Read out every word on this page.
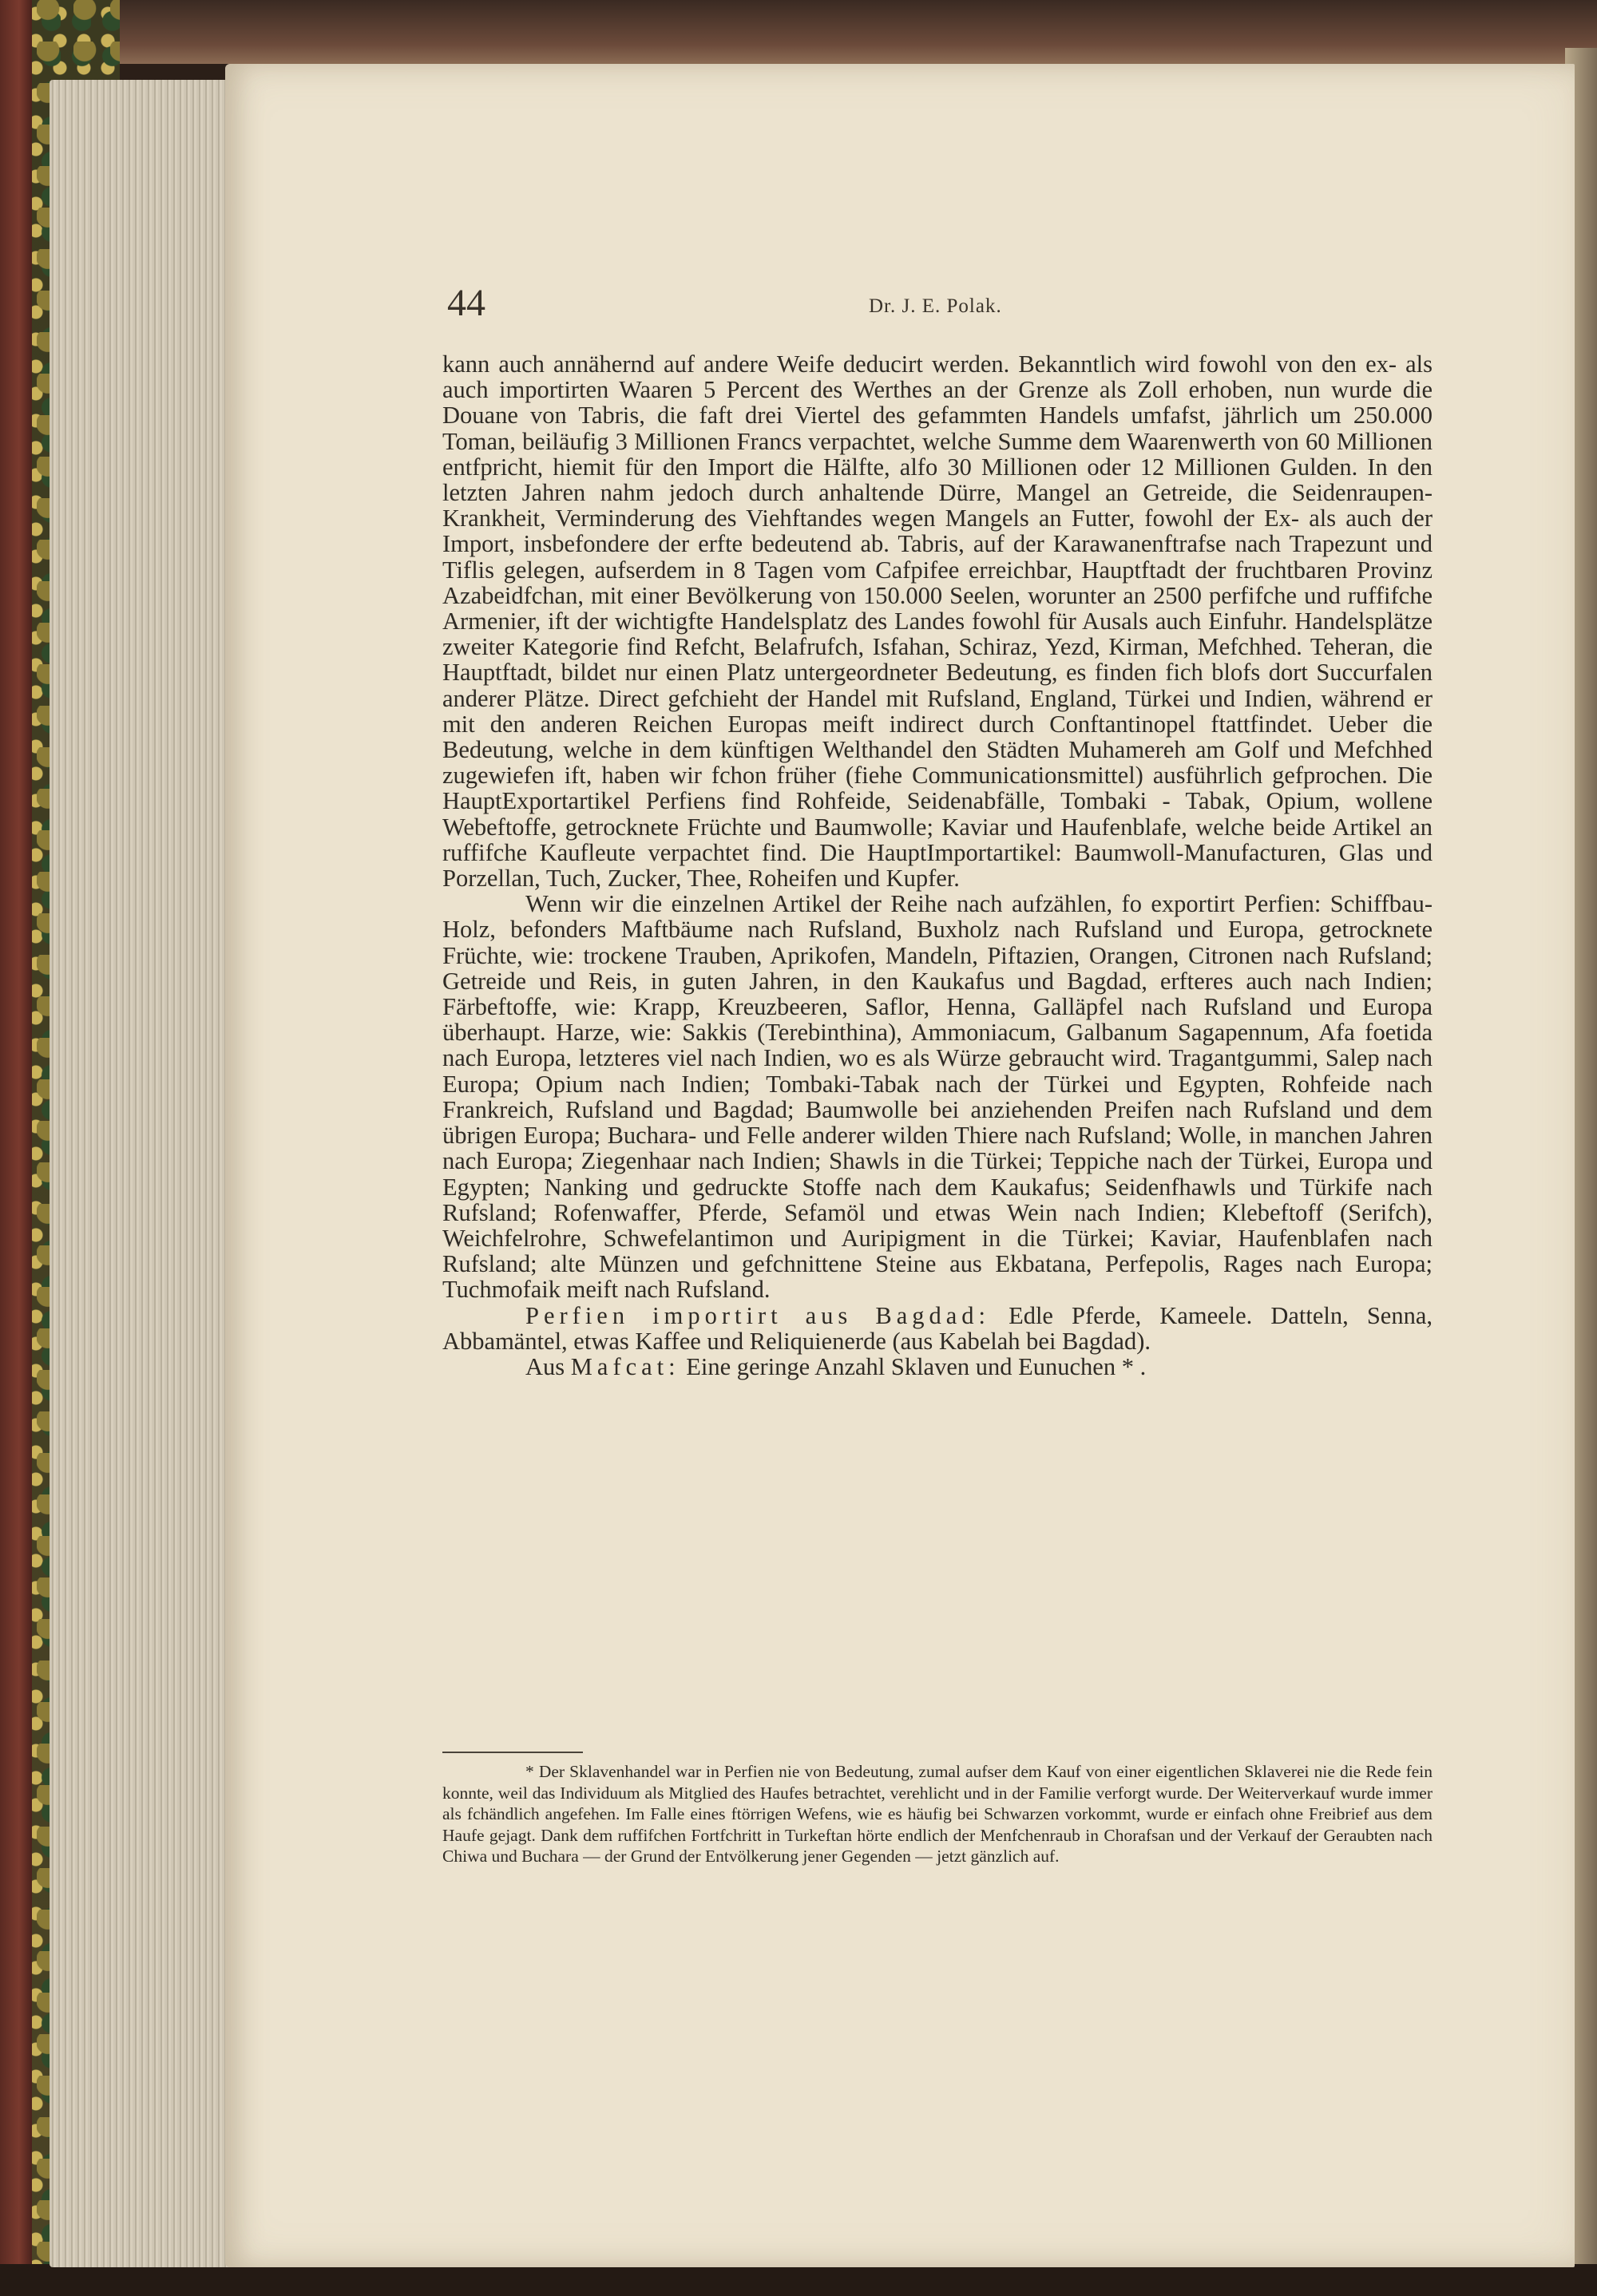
44	Dr. J. E. Polak.

kann auch annähernd auf andere Weife deducirt werden. Bekanntlich wird fowohl von den ex- als auch importirten Waaren 5 Percent des Werthes an der Grenze als Zoll erhoben, nun wurde die Douane von Tabris, die faft drei Viertel des gefammten Handels umfafst, jährlich um 250.000 Toman, beiläufig 3 Millionen Francs verpachtet, welche Summe dem Waarenwerth von 60 Millionen entfpricht, hiemit für den Import die Hälfte, alfo 30 Millionen oder 12 Millionen Gulden. In den letzten Jahren nahm jedoch durch anhaltende Dürre, Mangel an Getreide, die Seidenraupen-Krankheit, Verminderung des Viehftandes wegen Mangels an Futter, fowohl der Ex- als auch der Import, insbefondere der erfte bedeutend ab. Tabris, auf der Karawanenftrafse nach Trapezunt und Tiflis gelegen, aufserdem in 8 Tagen vom Cafpifee erreichbar, Hauptftadt der fruchtbaren Provinz Azabeidfchan, mit einer Bevölkerung von 150.000 Seelen, worunter an 2500 perfifche und ruffifche Armenier, ift der wichtigfte Handelsplatz des Landes fowohl für Ausals auch Einfuhr. Handelsplätze zweiter Kategorie find Refcht, Belafrufch, Isfahan, Schiraz, Yezd, Kirman, Mefchhed. Teheran, die Hauptftadt, bildet nur einen Platz untergeordneter Bedeutung, es finden fich blofs dort Succurfalen anderer Plätze. Direct gefchieht der Handel mit Rufsland, England, Türkei und Indien, während er mit den anderen Reichen Europas meift indirect durch Conftantinopel ftattfindet. Ueber die Bedeutung, welche in dem künftigen Welthandel den Städten Muhamereh am Golf und Mefchhed zugewiefen ift, haben wir fchon früher (fiehe Communicationsmittel) ausführlich gefprochen. Die HauptExportartikel Perfiens find Rohfeide, Seidenabfälle, Tombaki - Tabak, Opium, wollene Webeftoffe, getrocknete Früchte und Baumwolle; Kaviar und Haufenblafe, welche beide Artikel an ruffifche Kaufleute verpachtet find. Die HauptImportartikel: Baumwoll-Manufacturen, Glas und Porzellan, Tuch, Zucker, Thee, Roheifen und Kupfer.

Wenn wir die einzelnen Artikel der Reihe nach aufzählen, fo exportirt Perfien: Schiffbau-Holz, befonders Maftbäume nach Rufsland, Buxholz nach Rufsland und Europa, getrocknete Früchte, wie: trockene Trauben, Aprikofen, Mandeln, Piftazien, Orangen, Citronen nach Rufsland; Getreide und Reis, in guten Jahren, in den Kaukafus und Bagdad, erfteres auch nach Indien; Färbeftoffe, wie: Krapp, Kreuzbeeren, Saflor, Henna, Galläpfel nach Rufsland und Europa überhaupt. Harze, wie: Sakkis (Terebinthina), Ammoniacum, Galbanum Sagapennum, Afa foetida nach Europa, letzteres viel nach Indien, wo es als Würze gebraucht wird. Tragantgummi, Salep nach Europa; Opium nach Indien; Tombaki-Tabak nach der Türkei und Egypten, Rohfeide nach Frankreich, Rufsland und Bagdad; Baumwolle bei anziehenden Preifen nach Rufsland und dem übrigen Europa; Buchara- und Felle anderer wilden Thiere nach Rufsland; Wolle, in manchen Jahren nach Europa; Ziegenhaar nach Indien; Shawls in die Türkei; Teppiche nach der Türkei, Europa und Egypten; Nanking und gedruckte Stoffe nach dem Kaukafus; Seidenfhawls und Türkife nach Rufsland; Rofenwaffer, Pferde, Sefamöl und etwas Wein nach Indien; Klebeftoff (Serifch), Weichfelrohre, Schwefelantimon und Auripigment in die Türkei; Kaviar, Haufenblafen nach Rufsland; alte Münzen und gefchnittene Steine aus Ekbatana, Perfepolis, Rages nach Europa; Tuchmofaik meift nach Rufsland.

Perfien importirt aus Bagdad: Edle Pferde, Kameele. Datteln, Senna, Abbamäntel, etwas Kaffee und Reliquienerde (aus Kabelah bei Bagdad).

Aus Mafcat: Eine geringe Anzahl Sklaven und Eunuchen * .

* Der Sklavenhandel war in Perfien nie von Bedeutung, zumal aufser dem Kauf von einer eigentlichen Sklaverei nie die Rede fein konnte, weil das Individuum als Mitglied des Haufes betrachtet, verehlicht und in der Familie verforgt wurde. Der Weiterverkauf wurde immer als fchändlich angefehen. Im Falle eines ftörrigen Wefens, wie es häufig bei Schwarzen vorkommt, wurde er einfach ohne Freibrief aus dem Haufe gejagt. Dank dem ruffifchen Fortfchritt in Turkeftan hörte endlich der Menfchenraub in Chorafsan und der Verkauf der Geraubten nach Chiwa und Buchara — der Grund der Entvölkerung jener Gegenden — jetzt gänzlich auf.
